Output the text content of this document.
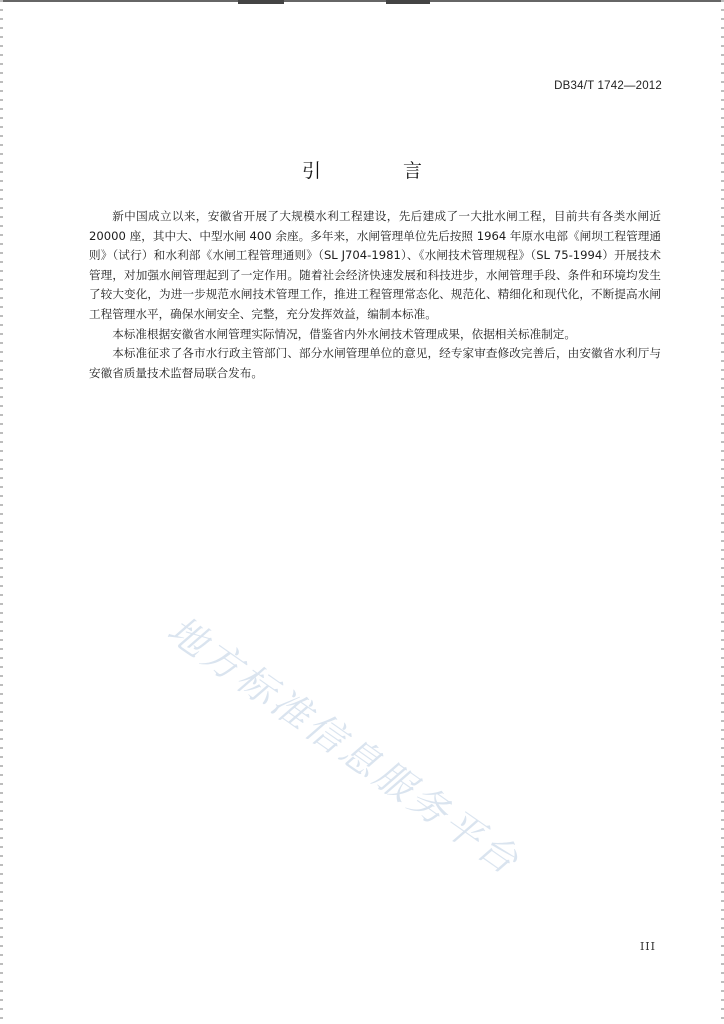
DB34/T 1742—2012
引 言

新中国成立以来，安徽省开展了大规模水利工程建设，先后建成了一大批水闸工程，目前共有各类水闸近 20000 座，其中大、中型水闸 400 余座。多年来，水闸管理单位先后按照 1964 年原水电部《闸坝工程管理通则》（试行）和水利部《水闸工程管理通则》（SL J704-1981）、《水闸技术管理规程》（SL 75-1994）开展技术管理，对加强水闸管理起到了一定作用。随着社会经济快速发展和科技进步，水闸管理手段、条件和环境均发生了较大变化，为进一步规范水闸技术管理工作，推进工程管理常态化、规范化、精细化和现代化，不断提高水闸工程管理水平，确保水闸安全、完整，充分发挥效益，编制本标准。

本标准根据安徽省水闸管理实际情况，借鉴省内外水闸技术管理成果，依据相关标准制定。

本标准征求了各市水行政主管部门、部分水闸管理单位的意见，经专家审查修改完善后，由安徽省水利厅与安徽省质量技术监督局联合发布。

地方标准信息服务平台
III
